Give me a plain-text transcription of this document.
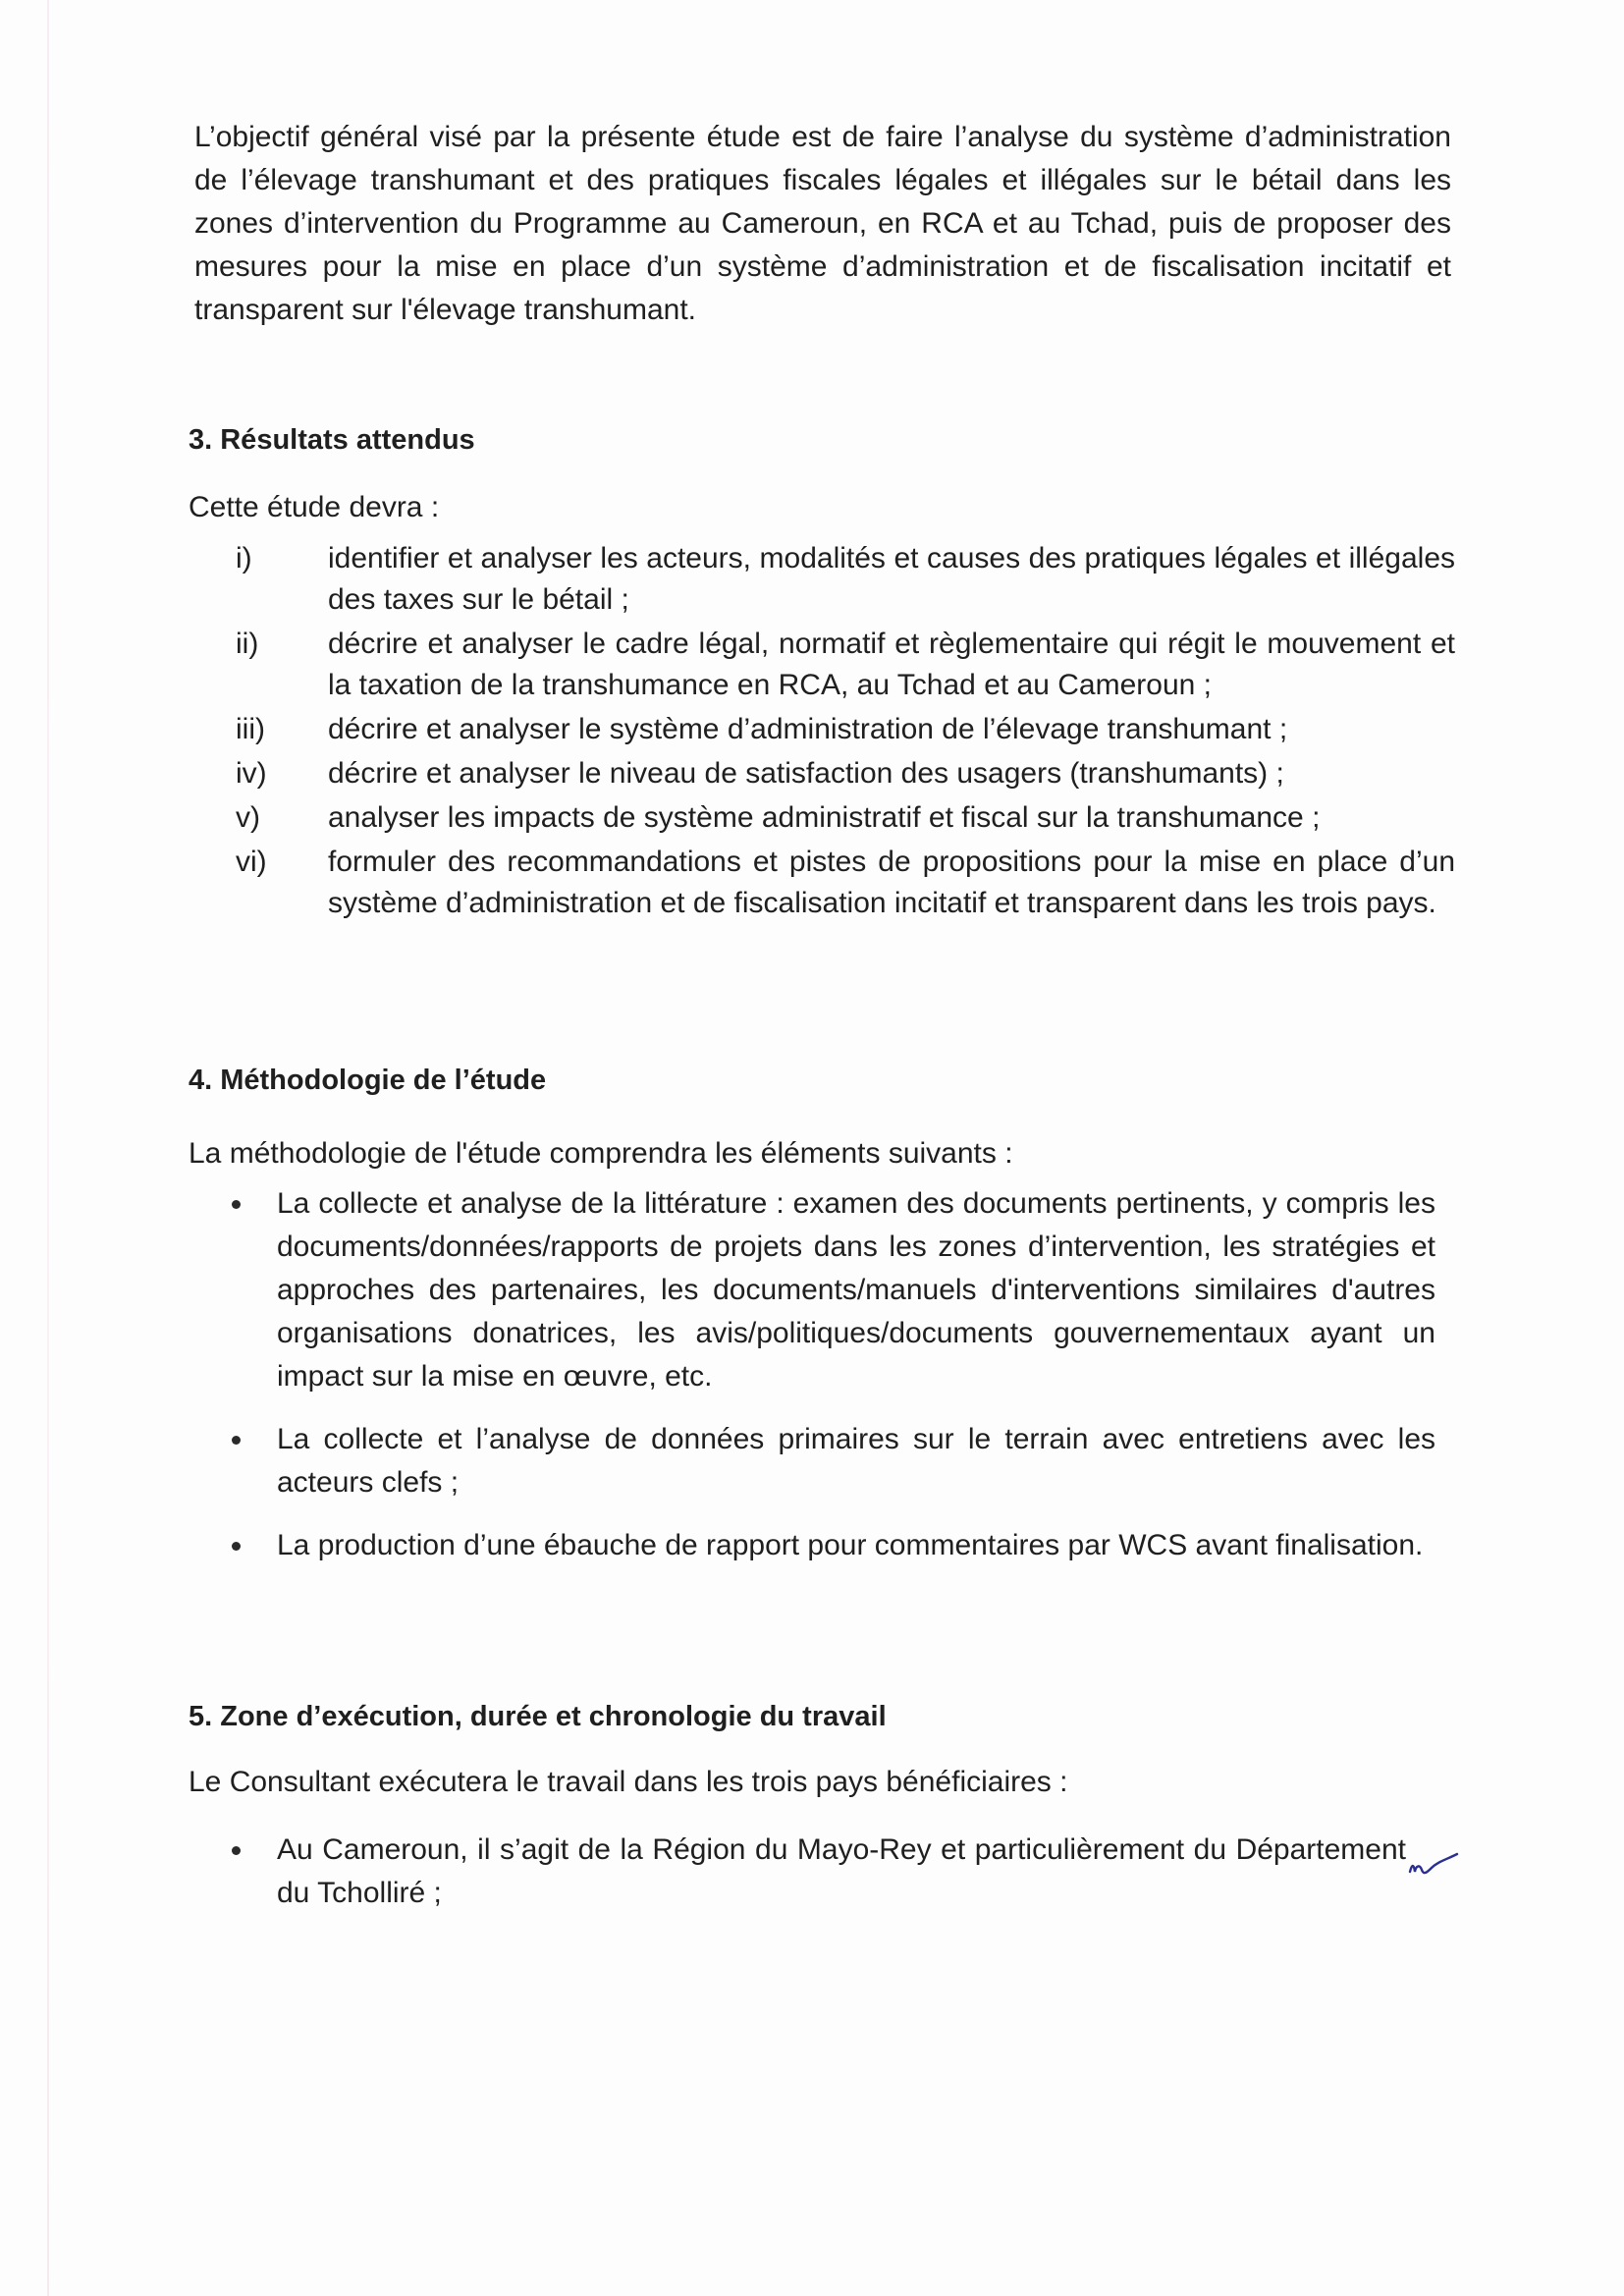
L’objectif général visé par la présente étude est de faire l’analyse du système d’administration de l’élevage transhumant et des pratiques fiscales légales et illégales sur le bétail dans les zones d’intervention du Programme au Cameroun, en RCA et au Tchad, puis de proposer des mesures pour la mise en place d’un système d’administration et de fiscalisation incitatif et transparent sur l'élevage transhumant.

3. Résultats attendus

Cette étude devra :

i)	identifier et analyser les acteurs, modalités et causes des pratiques légales et illégales des taxes sur le bétail ;
ii) décrire et analyser le cadre légal, normatif et règlementaire qui régit le mouvement et la taxation de la transhumance en RCA, au Tchad et au Cameroun ;
iii) décrire et analyser le système d’administration de l’élevage transhumant ;
iv) décrire et analyser le niveau de satisfaction des usagers (transhumants) ;
v) analyser les impacts de système administratif et fiscal sur la transhumance ;
vi) formuler des recommandations et pistes de propositions pour la mise en place d’un système d’administration et de fiscalisation incitatif et transparent dans les trois pays.
4. Méthodologie de l’étude

La méthodologie de l'étude comprendra les éléments suivants :

La collecte et analyse de la littérature : examen des documents pertinents, y compris les documents/données/rapports de projets dans les zones d’intervention, les stratégies et approches des partenaires, les documents/manuels d'interventions similaires d'autres organisations donatrices, les avis/politiques/documents gouvernementaux ayant un impact sur la mise en œuvre, etc.
La collecte et l’analyse de données primaires sur le terrain avec entretiens avec les acteurs clefs ;
La production d’une ébauche de rapport pour commentaires par WCS avant finalisation.
5. Zone d’exécution, durée et chronologie du travail

Le Consultant exécutera le travail dans les trois pays bénéficiaires :

Au Cameroun, il s’agit de la Région du Mayo-Rey et particulièrement du Département du Tcholliré ;
